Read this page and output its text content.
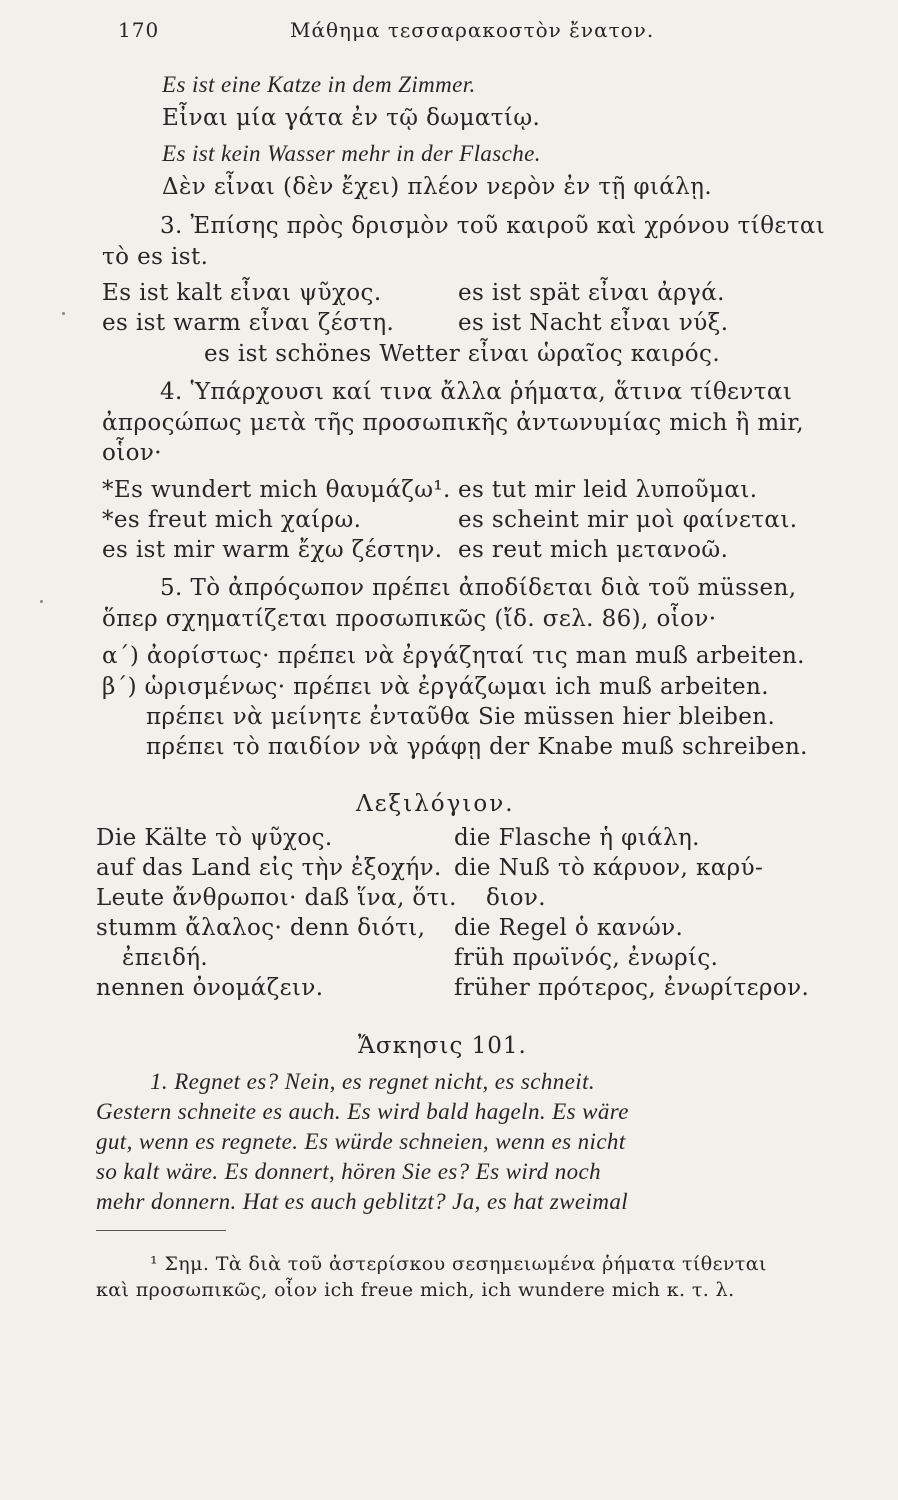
170	Μάθημα τεσσαρακοστὸν ἔνατον.
Es ist eine Katze in dem Zimmer.
Εἶναι μία γάτα ἐν τῷ δωματίῳ.
Es ist kein Wasser mehr in der Flasche.
Δὲν εἶναι (δὲν ἔχει) πλέον νερὸν ἐν τῇ φιάλῃ.
3. Ἐπίσης πρὸς δρισμὸν τοῦ καιροῦ καὶ χρόνου τίθεται
τὸ es ist.
Es ist kalt εἶναι ψῦχος.	es ist spät εἶναι ἀργά.
es ist warm εἶναι ζέστη.	es ist Nacht εἶναι νύξ.
es ist schönes Wetter εἶναι ὡραῖος καιρός.
4. Ὑπάρχουσι καί τινα ἄλλα ῥήματα, ἅτινα τίθενται
ἀπροςώπως μετὰ τῆς προσωπικῆς ἀντωνυμίας mich ἢ mir,
οἷον·
*Es wundert mich θαυμάζω¹. es tut mir leid λυποῦμαι.
*es freut mich χαίρω.	es scheint mir μοὶ φαίνεται.
es ist mir warm ἔχω ζέστην. es reut mich μετανοῶ.
5. Τὸ ἀπρόςωπον πρέπει ἀποδίδεται διὰ τοῦ müssen,
ὅπερ σχηματίζεται προσωπικῶς (ἴδ. σελ. 86), οἷον·
α΄) ἀορίστως· πρέπει νὰ ἐργάζηταί τις man muß arbeiten.
β΄) ὡρισμένως· πρέπει νὰ ἐργάζωμαι ich muß arbeiten.
πρέπει νὰ μείνητε ἐνταῦθα Sie müssen hier bleiben.
πρέπει τὸ παιδίον νὰ γράφῃ der Knabe muß schreiben.
Λεξιλόγιον.
Die Kälte τὸ ψῦχος.	die Flasche ἡ φιάλη.
auf das Land εἰς τὴν ἐξοχήν. die Nuß τὸ κάρυον, καρύ-
Leute ἄνθρωποι· daß ἵνα, ὅτι. διον.
stumm ἄλαλος· denn διότι, die Regel ὁ κανών.
ἐπειδή.	früh πρωϊνός, ἐνωρίς.
nennen ὀνομάζειν.	früher πρότερος, ἐνωρίτερον.
Ἄσκησις 101.
1. Regnet es? Nein, es regnet nicht, es schneit.
Gestern schneite es auch. Es wird bald hageln. Es wäre
gut, wenn es regnete. Es würde schneien, wenn es nicht
so kalt wäre. Es donnert, hören Sie es? Es wird noch
mehr donnern. Hat es auch geblitzt? Ja, es hat zweimal
¹ Σημ. Τὰ διὰ τοῦ ἀστερίσκου σεσημειωμένα ῥήματα τίθενται
καὶ προσωπικῶς, οἷον ich freue mich, ich wundere mich κ. τ. λ.
